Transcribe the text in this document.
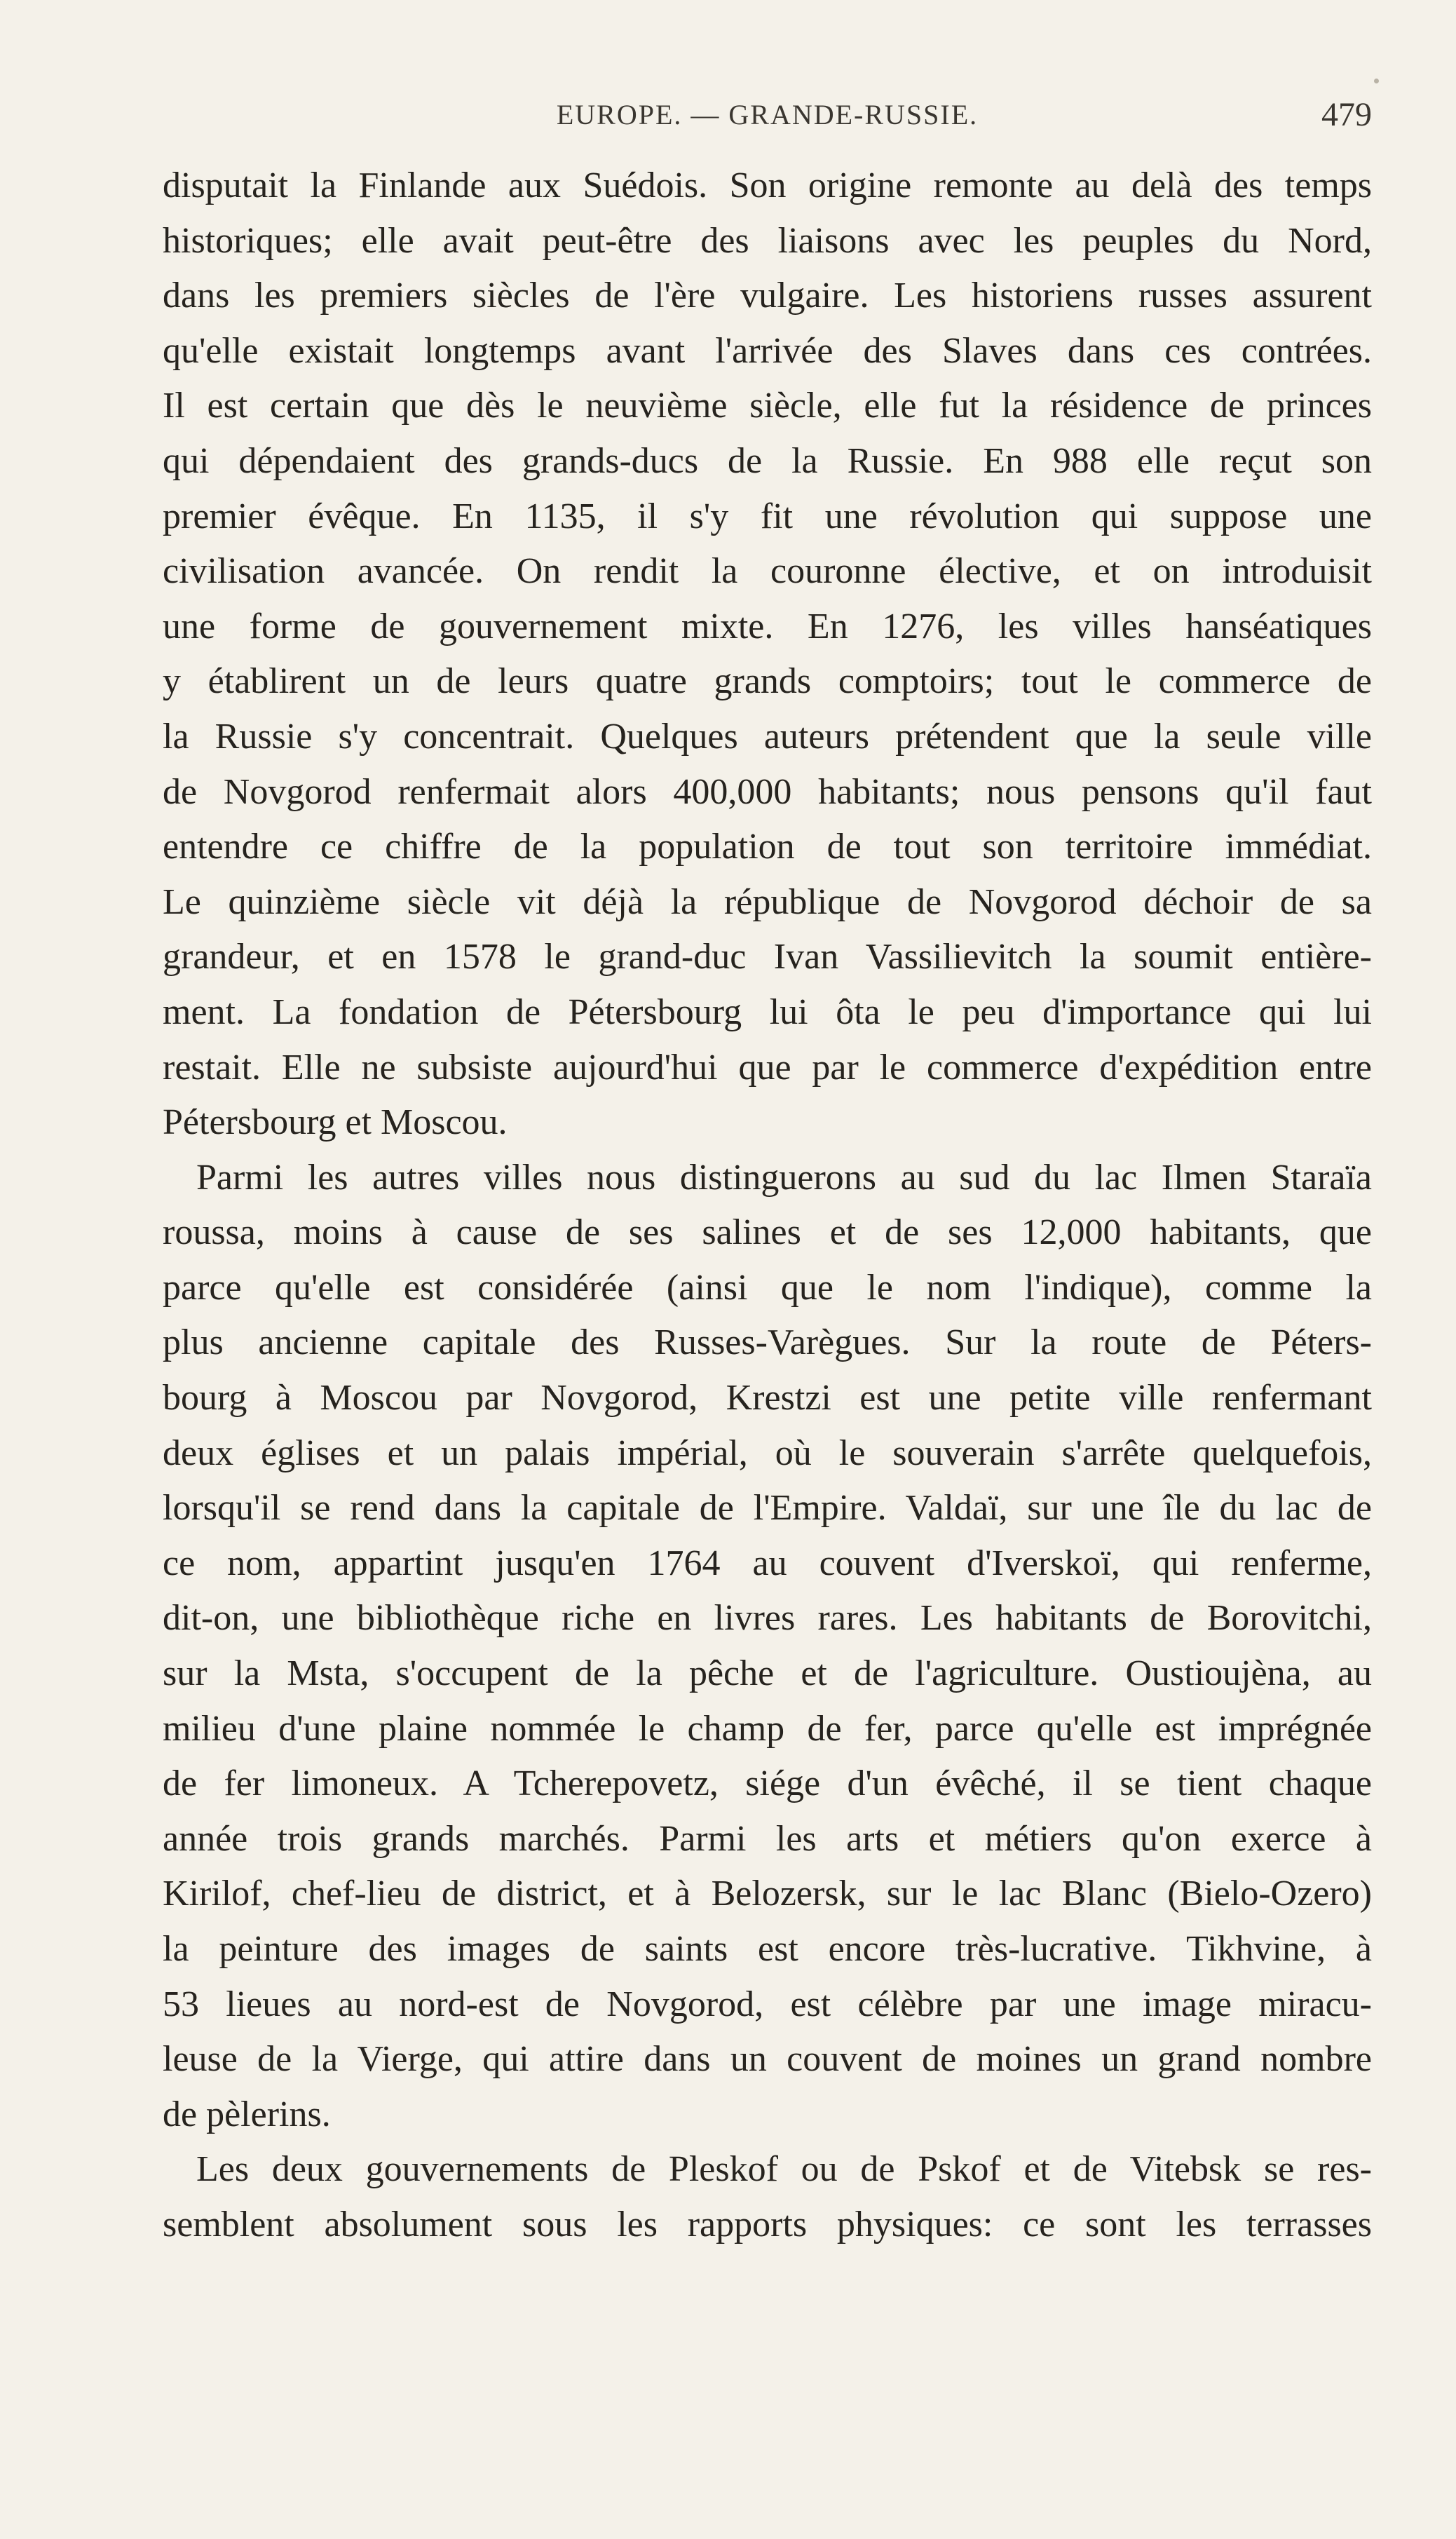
EUROPE. — GRANDE-RUSSIE.	479
disputait la Finlande aux Suédois. Son origine remonte au delà des temps
historiques; elle avait peut-être des liaisons avec les peuples du Nord,
dans les premiers siècles de l'ère vulgaire. Les historiens russes assurent
qu'elle existait longtemps avant l'arrivée des Slaves dans ces contrées.
Il est certain que dès le neuvième siècle, elle fut la résidence de princes
qui dépendaient des grands-ducs de la Russie. En 988 elle reçut son
premier évêque. En 1135, il s'y fit une révolution qui suppose une
civilisation avancée. On rendit la couronne élective, et on introduisit
une forme de gouvernement mixte. En 1276, les villes hanséatiques
y établirent un de leurs quatre grands comptoirs; tout le commerce de
la Russie s'y concentrait. Quelques auteurs prétendent que la seule ville
de Novgorod renfermait alors 400,000 habitants; nous pensons qu'il faut
entendre ce chiffre de la population de tout son territoire immédiat.
Le quinzième siècle vit déjà la république de Novgorod déchoir de sa
grandeur, et en 1578 le grand-duc Ivan Vassilievitch la soumit entière-
ment. La fondation de Pétersbourg lui ôta le peu d'importance qui lui
restait. Elle ne subsiste aujourd'hui que par le commerce d'expédition entre
Pétersbourg et Moscou.
Parmi les autres villes nous distinguerons au sud du lac Ilmen Staraïa
roussa, moins à cause de ses salines et de ses 12,000 habitants, que
parce qu'elle est considérée (ainsi que le nom l'indique), comme la
plus ancienne capitale des Russes-Varègues. Sur la route de Péters-
bourg à Moscou par Novgorod, Krestzi est une petite ville renfermant
deux églises et un palais impérial, où le souverain s'arrête quelquefois,
lorsqu'il se rend dans la capitale de l'Empire. Valdaï, sur une île du lac de
ce nom, appartint jusqu'en 1764 au couvent d'Iverskoï, qui renferme,
dit-on, une bibliothèque riche en livres rares. Les habitants de Borovitchi,
sur la Msta, s'occupent de la pêche et de l'agriculture. Oustioujèna, au
milieu d'une plaine nommée le champ de fer, parce qu'elle est imprégnée
de fer limoneux. A Tcherepovetz, siége d'un évêché, il se tient chaque
année trois grands marchés. Parmi les arts et métiers qu'on exerce à
Kirilof, chef-lieu de district, et à Belozersk, sur le lac Blanc (Bielo-Ozero)
la peinture des images de saints est encore très-lucrative. Tikhvine, à
53 lieues au nord-est de Novgorod, est célèbre par une image miracu-
leuse de la Vierge, qui attire dans un couvent de moines un grand nombre
de pèlerins.
Les deux gouvernements de Pleskof ou de Pskof et de Vitebsk se res-
semblent absolument sous les rapports physiques: ce sont les terrasses
